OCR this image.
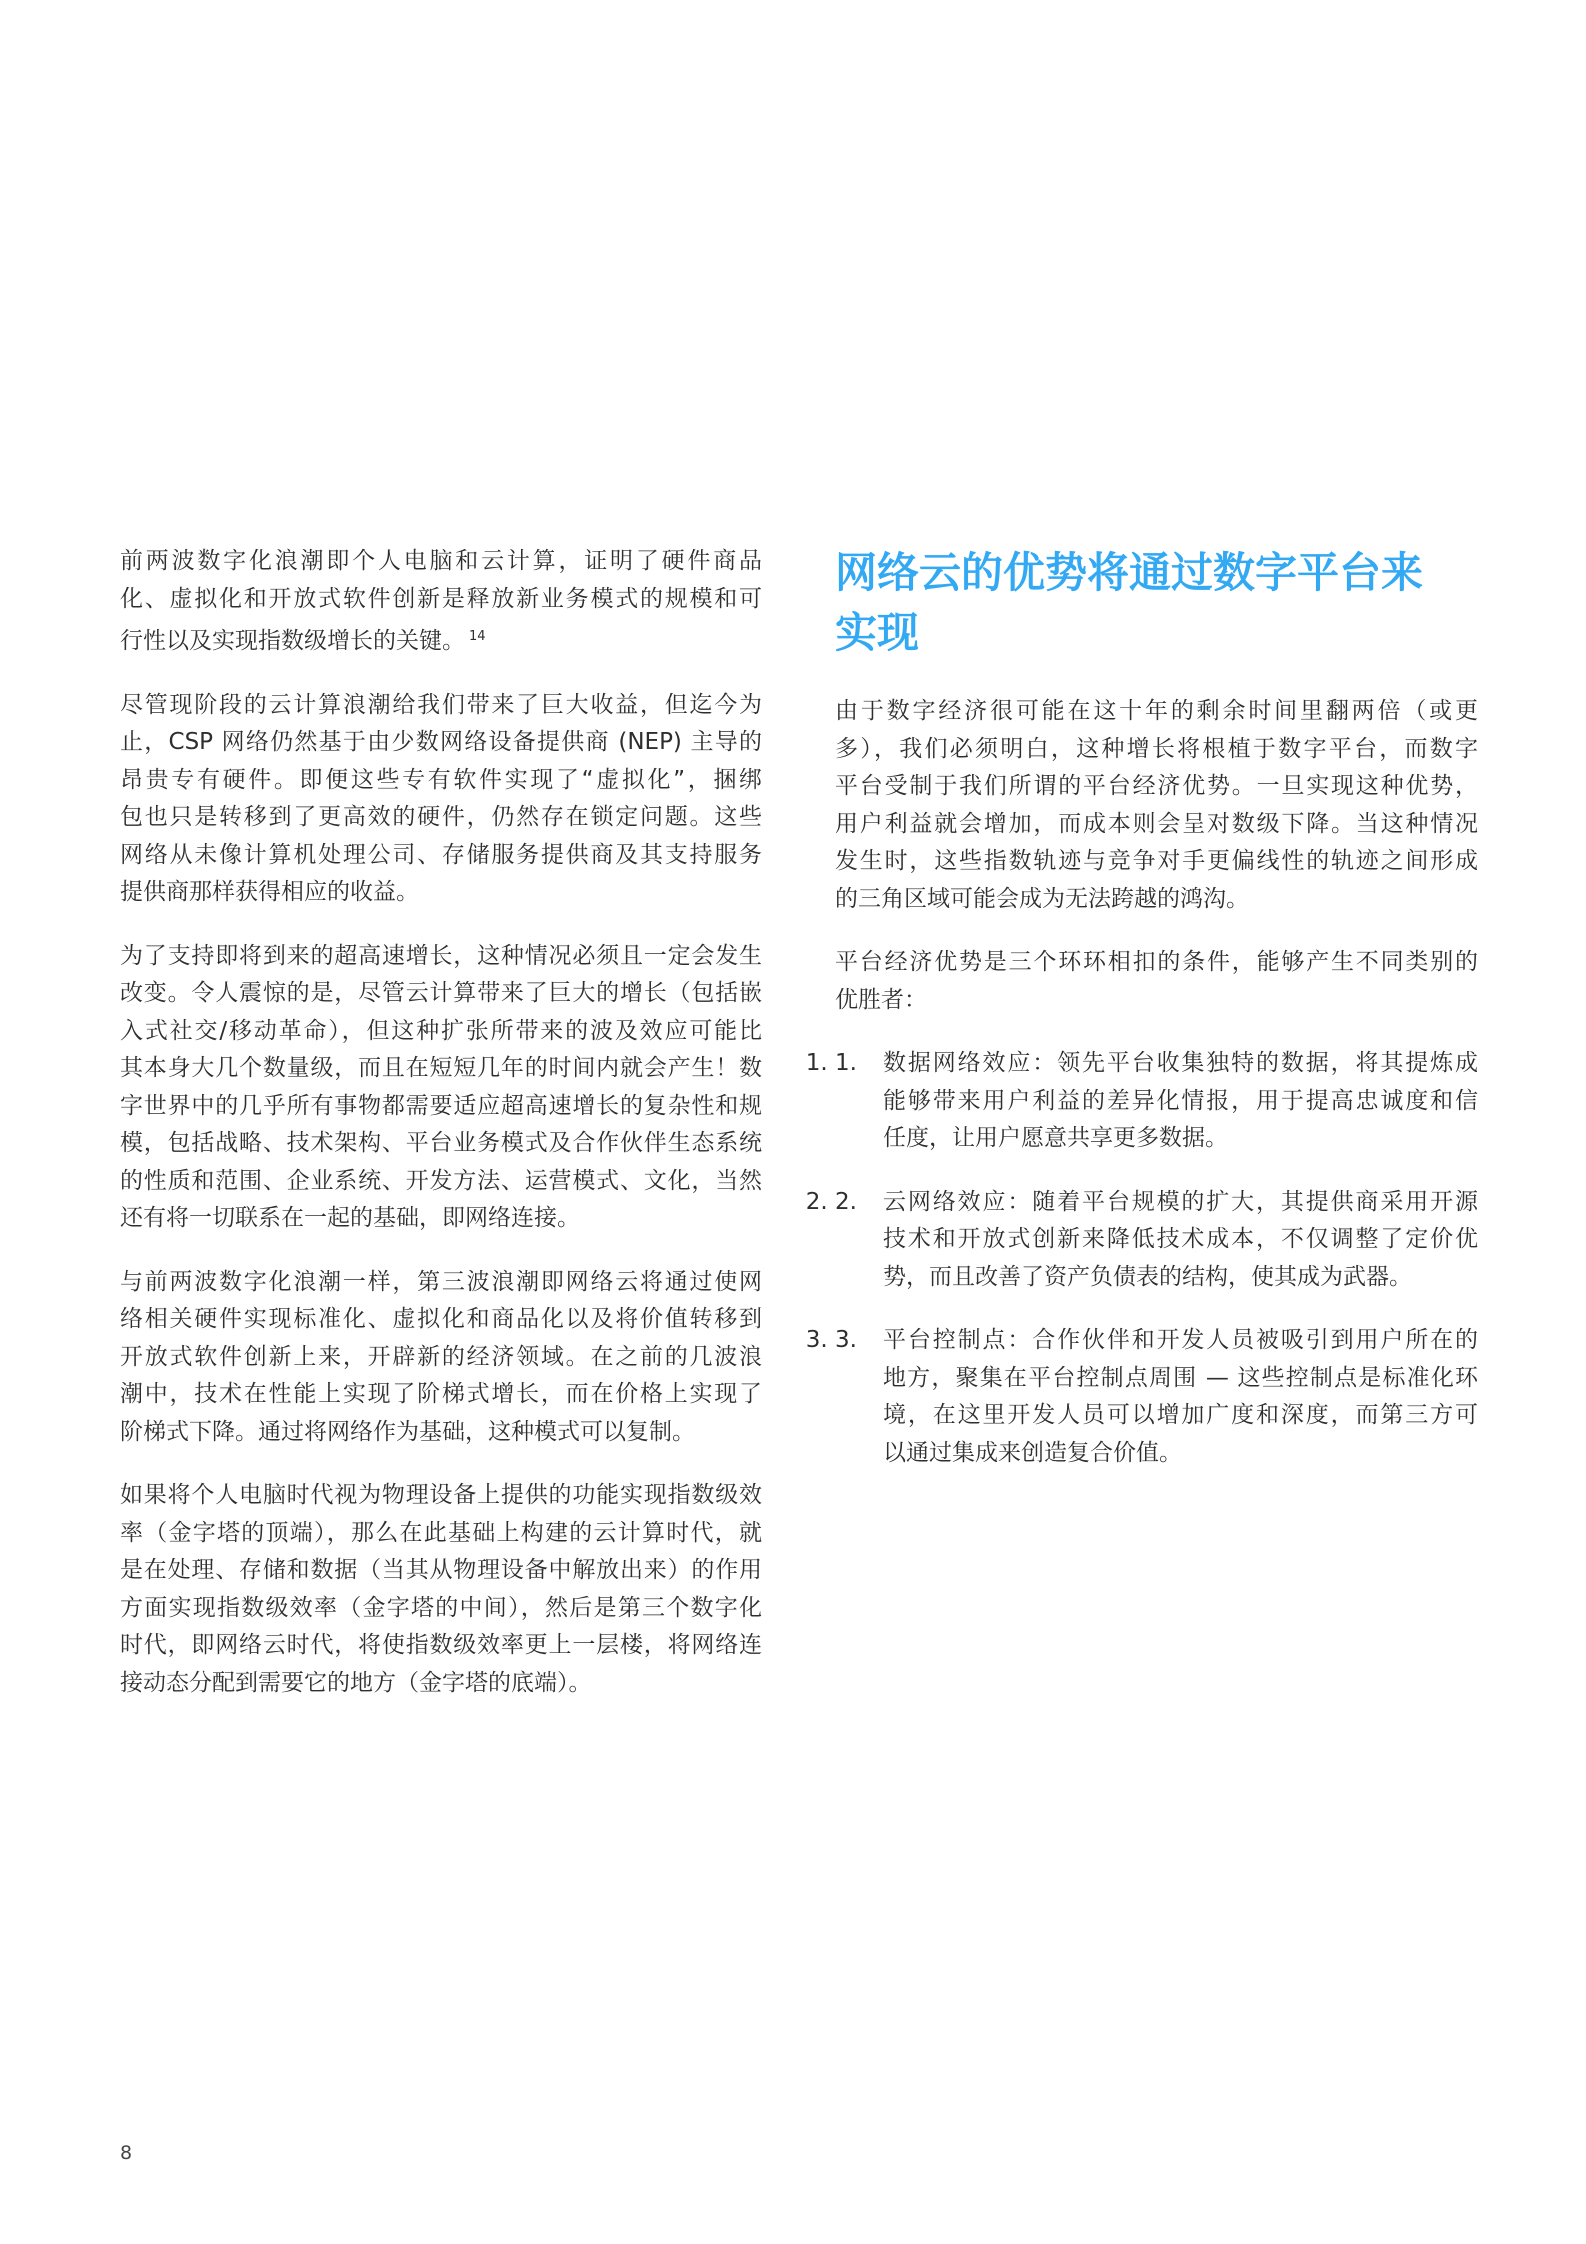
前两波数字化浪潮即个人电脑和云计算，证明了硬件商品
化、虚拟化和开放式软件创新是释放新业务模式的规模和可
行性以及实现指数级增长的关键。 $^{14}$

尽管现阶段的云计算浪潮给我们带来了巨大收益，但迄今为
止，CSP 网络仍然基于由少数网络设备提供商 (NEP) 主导的
昂贵专有硬件。即便这些专有软件实现了“虚拟化”，捆绑
包也只是转移到了更高效的硬件，仍然存在锁定问题。这些
网络从未像计算机处理公司、存储服务提供商及其支持服务
提供商那样获得相应的收益。

为了支持即将到来的超高速增长，这种情况必须且一定会发生
改变。令人震惊的是，尽管云计算带来了巨大的增长（包括嵌
入式社交/移动革命），但这种扩张所带来的波及效应可能比
其本身大几个数量级，而且在短短几年的时间内就会产生！数
字世界中的几乎所有事物都需要适应超高速增长的复杂性和规
模，包括战略、技术架构、平台业务模式及合作伙伴生态系统
的性质和范围、企业系统、开发方法、运营模式、文化，当然
还有将一切联系在一起的基础，即网络连接。

与前两波数字化浪潮一样，第三波浪潮即网络云将通过使网
络相关硬件实现标准化、虚拟化和商品化以及将价值转移到
开放式软件创新上来，开辟新的经济领域。在之前的几波浪
潮中，技术在性能上实现了阶梯式增长，而在价格上实现了
阶梯式下降。通过将网络作为基础，这种模式可以复制。

如果将个人电脑时代视为物理设备上提供的功能实现指数级效
率（金字塔的顶端），那么在此基础上构建的云计算时代，就
是在处理、存储和数据（当其从物理设备中解放出来）的作用
方面实现指数级效率（金字塔的中间），然后是第三个数字化
时代，即网络云时代，将使指数级效率更上一层楼，将网络连
接动态分配到需要它的地方（金字塔的底端）。

网络云的优势将通过数字平台来
实现

由于数字经济很可能在这十年的剩余时间里翻两倍（或更
多），我们必须明白，这种增长将根植于数字平台，而数字
平台受制于我们所谓的平台经济优势。一旦实现这种优势，
用户利益就会增加，而成本则会呈对数级下降。当这种情况
发生时，这些指数轨迹与竞争对手更偏线性的轨迹之间形成
的三角区域可能会成为无法跨越的鸿沟。

平台经济优势是三个环环相扣的条件，能够产生不同类别的
优胜者：

1. 1. 数据网络效应：领先平台收集独特的数据，将其提炼成
能够带来用户利益的差异化情报，用于提高忠诚度和信
任度，让用户愿意共享更多数据。
2. 2. 云网络效应：随着平台规模的扩大，其提供商采用开源
技术和开放式创新来降低技术成本，不仅调整了定价优
势，而且改善了资产负债表的结构，使其成为武器。
3. 3. 平台控制点：合作伙伴和开发人员被吸引到用户所在的
地方，聚集在平台控制点周围 — 这些控制点是标准化环
境，在这里开发人员可以增加广度和深度，而第三方可
以通过集成来创造复合价值。
8
